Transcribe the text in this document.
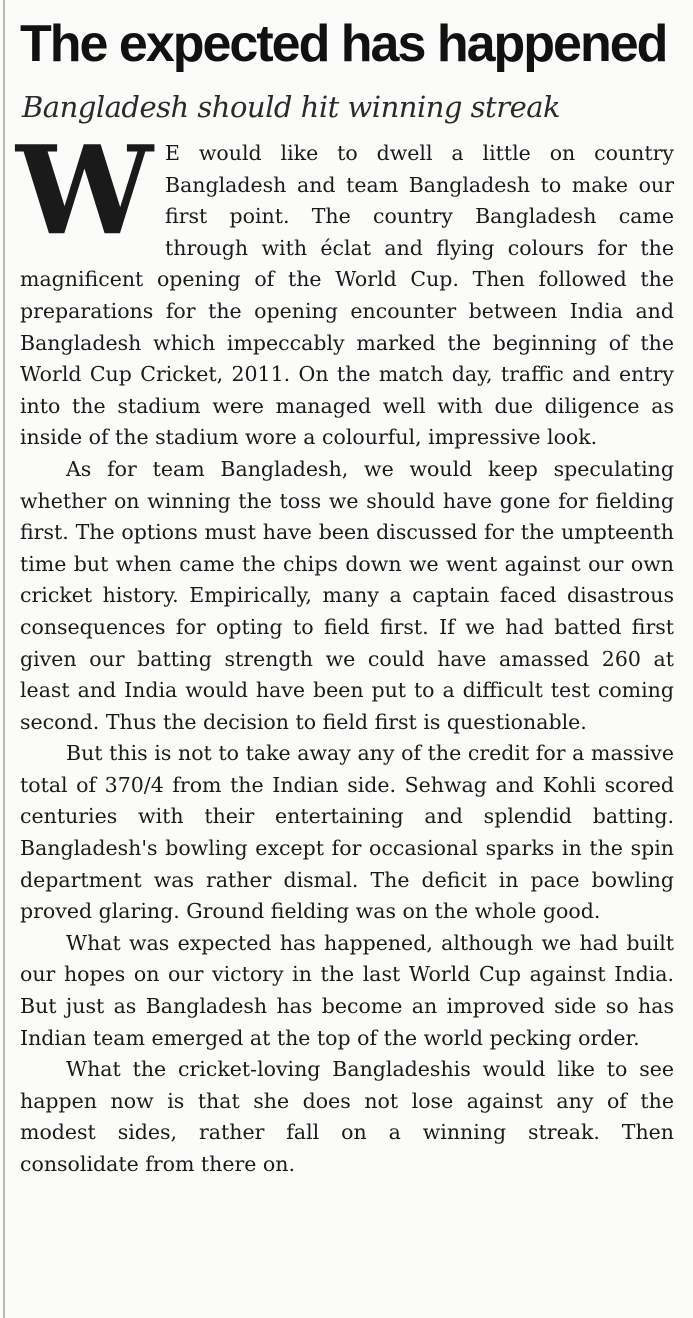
The expected has happened
Bangladesh should hit winning streak

W E would like to dwell a little on country Bangladesh and team Bangladesh to make our first point. The country Bangladesh came through with éclat and flying colours for the magnificent opening of the World Cup. Then followed the preparations for the opening encounter between India and Bangladesh which impeccably marked the beginning of the World Cup Cricket, 2011. On the match day, traffic and entry into the stadium were managed well with due diligence as inside of the stadium wore a colourful, impressive look.

As for team Bangladesh, we would keep speculating whether on winning the toss we should have gone for fielding first. The options must have been discussed for the umpteenth time but when came the chips down we went against our own cricket history. Empirically, many a captain faced disastrous consequences for opting to field first. If we had batted first given our batting strength we could have amassed 260 at least and India would have been put to a difficult test coming second. Thus the decision to field first is questionable.

But this is not to take away any of the credit for a massive total of 370/4 from the Indian side. Sehwag and Kohli scored centuries with their entertaining and splendid batting. Bangladesh's bowling except for occasional sparks in the spin department was rather dismal. The deficit in pace bowling proved glaring. Ground fielding was on the whole good.

What was expected has happened, although we had built our hopes on our victory in the last World Cup against India. But just as Bangladesh has become an improved side so has Indian team emerged at the top of the world pecking order.

What the cricket-loving Bangladeshis would like to see happen now is that she does not lose against any of the modest sides, rather fall on a winning streak. Then consolidate from there on.
